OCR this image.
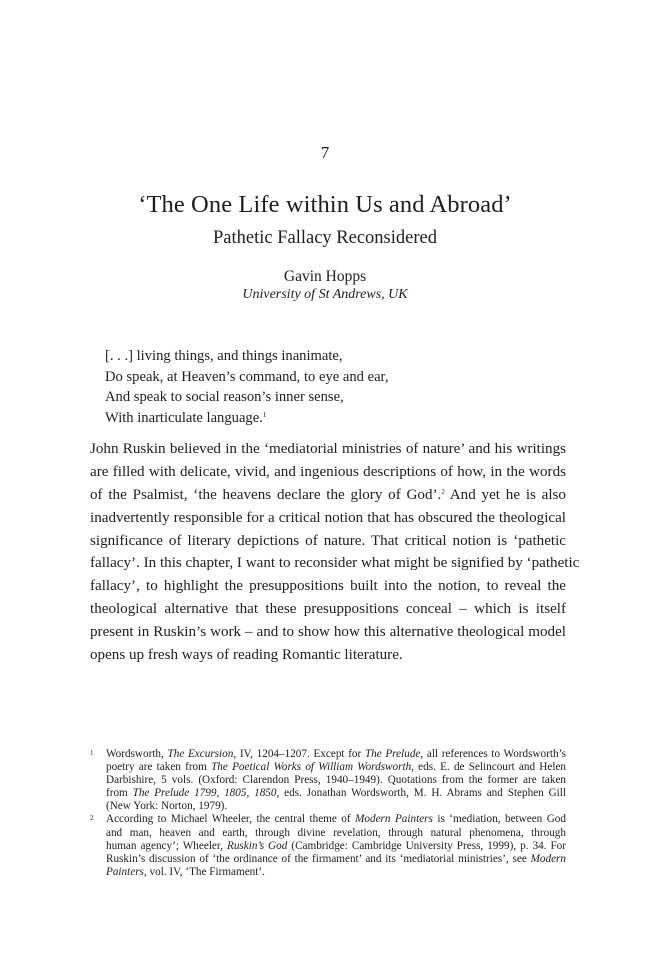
7
‘The One Life within Us and Abroad’
Pathetic Fallacy Reconsidered
Gavin Hopps
University of St Andrews, UK
[. . .] living things, and things inanimate,
Do speak, at Heaven’s command, to eye and ear,
And speak to social reason’s inner sense,
With inarticulate language.$^1$
John Ruskin believed in the ‘mediatorial ministries of nature’ and his writings
are filled with delicate, vivid, and ingenious descriptions of how, in the words
of the Psalmist, ‘the heavens declare the glory of God’.$^2$ And yet he is also
inadvertently responsible for a critical notion that has obscured the theological
significance of literary depictions of nature. That critical notion is ‘pathetic
fallacy’. In this chapter, I want to reconsider what might be signified by ‘pathetic
fallacy’, to highlight the presuppositions built into the notion, to reveal the
theological alternative that these presuppositions conceal – which is itself
present in Ruskin’s work – and to show how this alternative theological model
opens up fresh ways of reading Romantic literature.
1 Wordsworth, The Excursion, IV, 1204–1207. Except for The Prelude, all references to Wordsworth’s
poetry are taken from The Poetical Works of William Wordsworth, eds. E. de Selincourt and Helen
Darbishire, 5 vols. (Oxford: Clarendon Press, 1940–1949). Quotations from the former are taken
from The Prelude 1799, 1805, 1850, eds. Jonathan Wordsworth, M. H. Abrams and Stephen Gill
(New York: Norton, 1979).
2 According to Michael Wheeler, the central theme of Modern Painters is ‘mediation, between God
and man, heaven and earth, through divine revelation, through natural phenomena, through
human agency’; Wheeler, Ruskin’s God (Cambridge: Cambridge University Press, 1999), p. 34. For
Ruskin’s discussion of ‘the ordinance of the firmament’ and its ‘mediatorial ministries’, see Modern
Painters, vol. IV, ‘The Firmament’.
